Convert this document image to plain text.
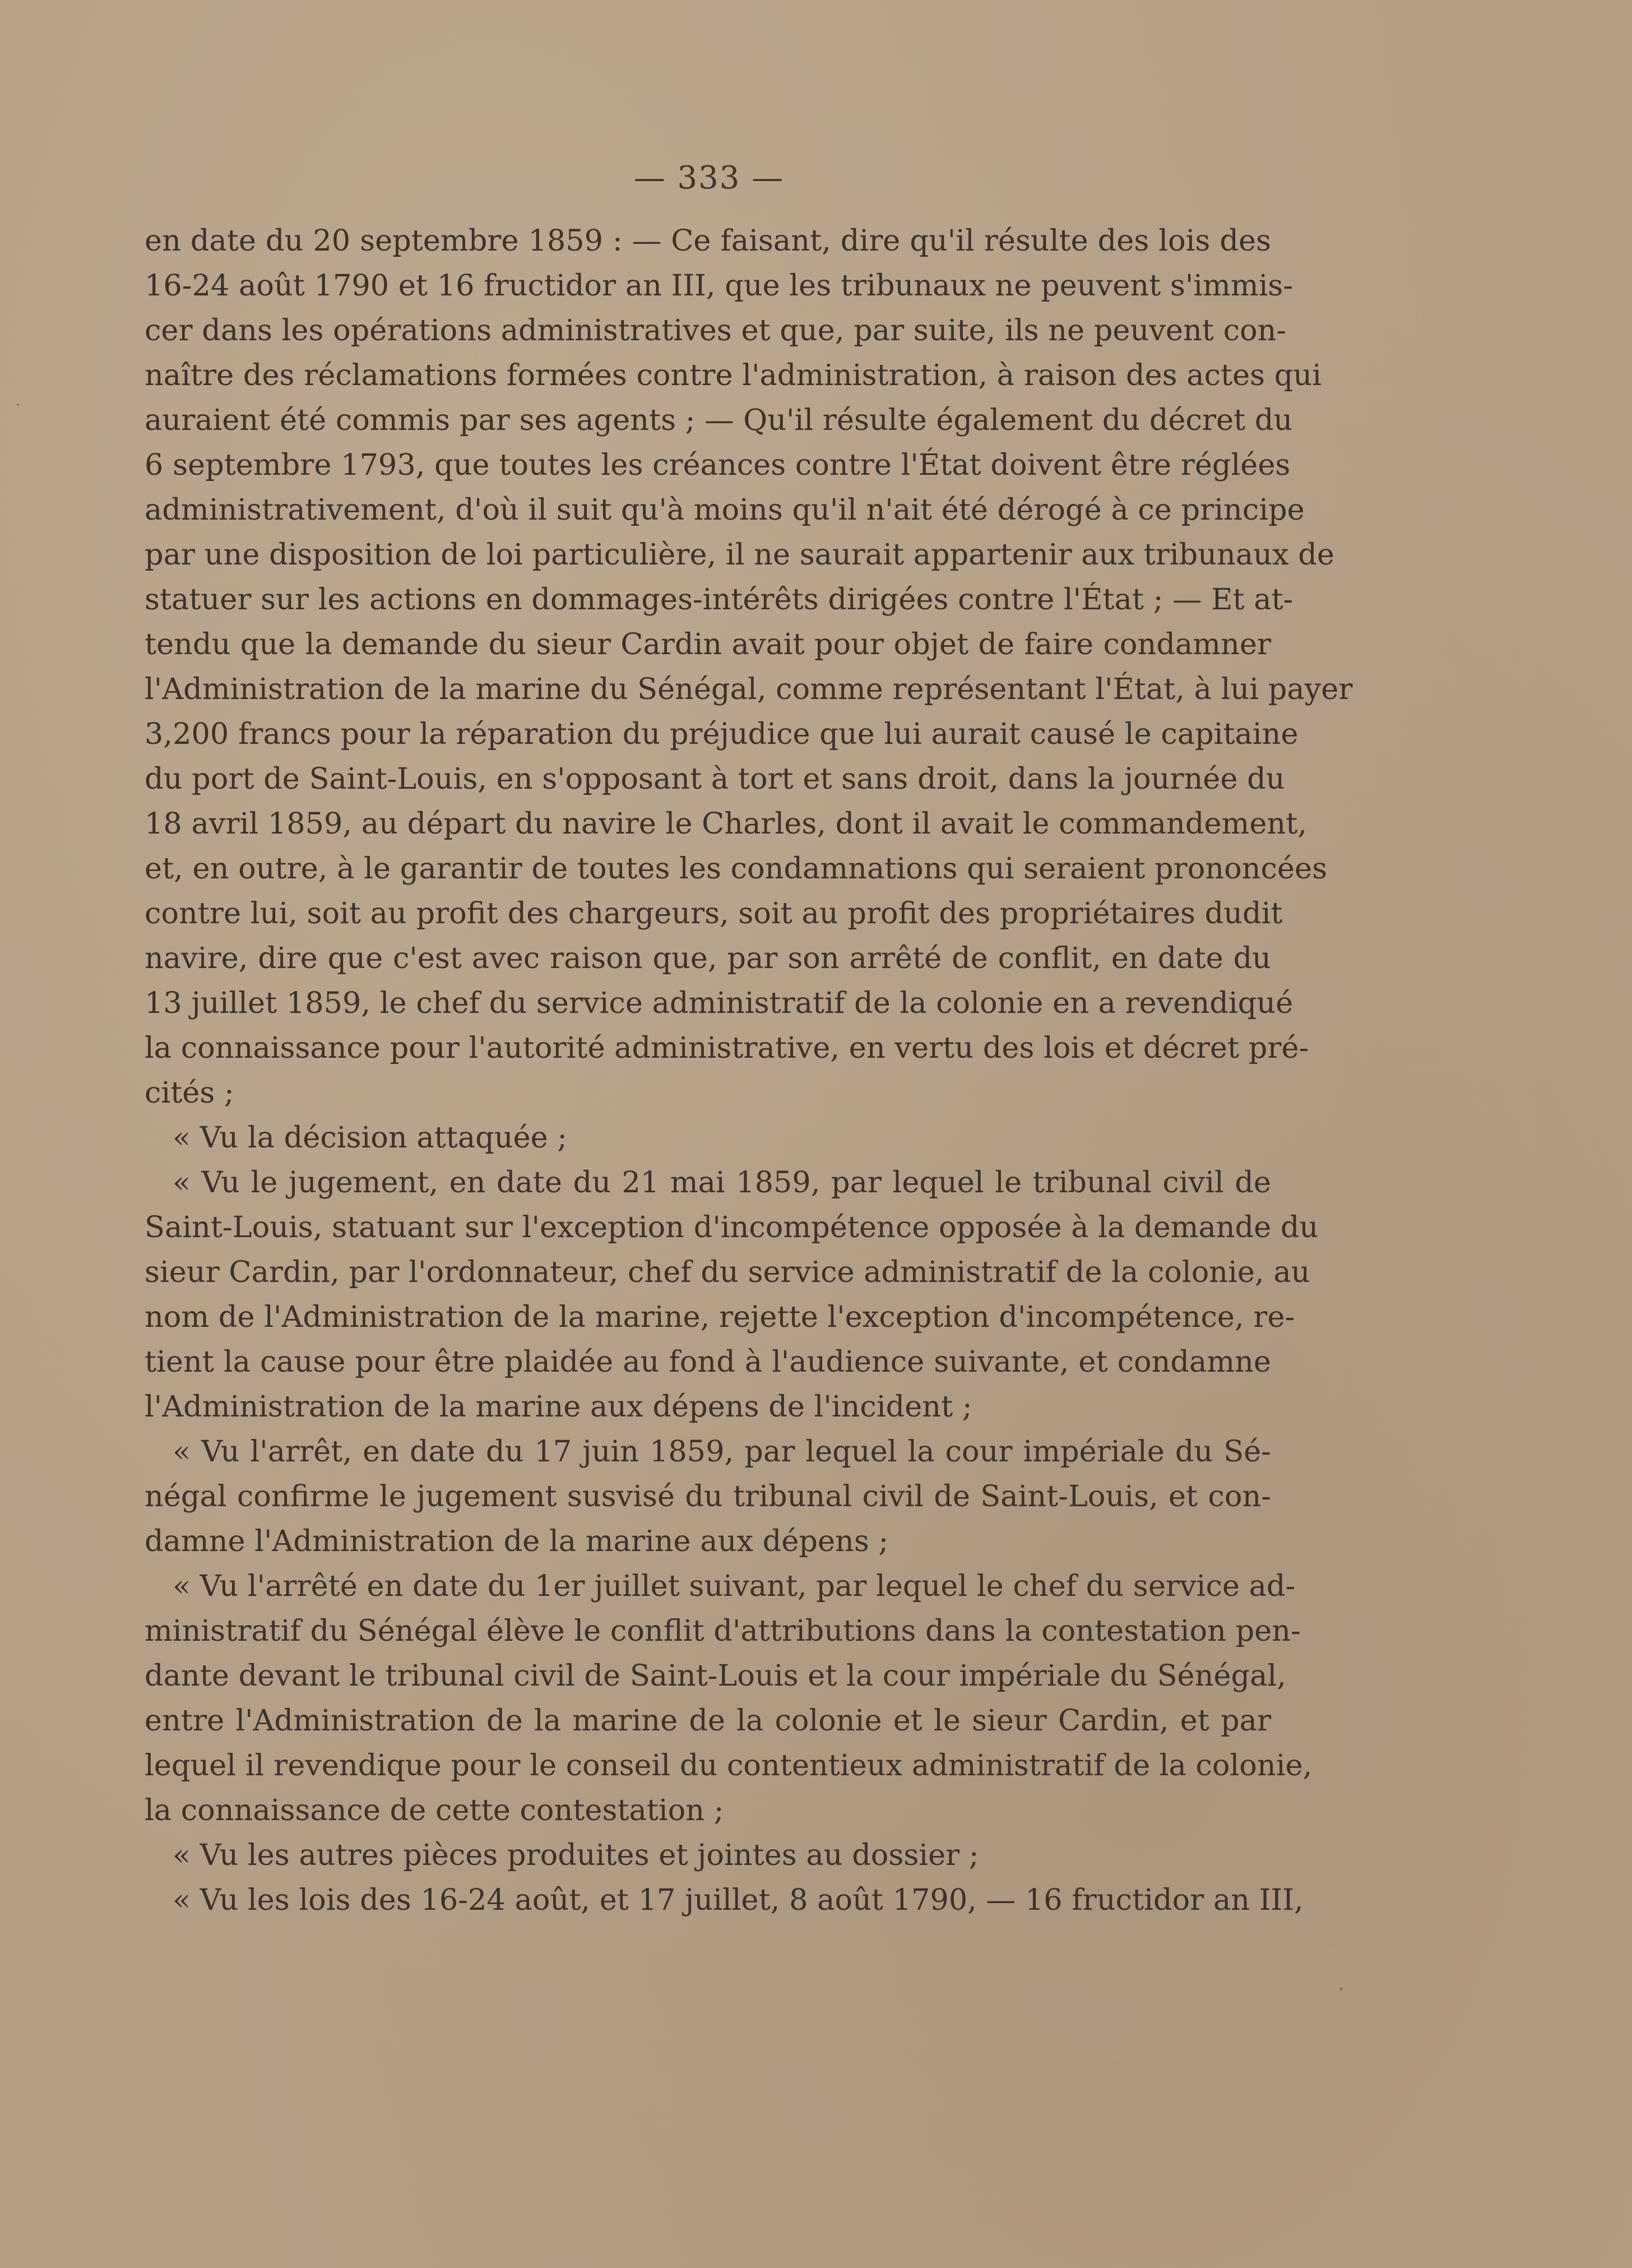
— 333 —
en date du 20 septembre 1859 : — Ce faisant, dire qu'il résulte des lois des
16-24 août 1790 et 16 fructidor an III, que les tribunaux ne peuvent s'immis-
cer dans les opérations administratives et que, par suite, ils ne peuvent con-
naître des réclamations formées contre l'administration, à raison des actes qui
auraient été commis par ses agents ; — Qu'il résulte également du décret du
6 septembre 1793, que toutes les créances contre l'État doivent être réglées
administrativement, d'où il suit qu'à moins qu'il n'ait été dérogé à ce principe
par une disposition de loi particulière, il ne saurait appartenir aux tribunaux de
statuer sur les actions en dommages-intérêts dirigées contre l'État ; — Et at-
tendu que la demande du sieur Cardin avait pour objet de faire condamner
l'Administration de la marine du Sénégal, comme représentant l'État, à lui payer
3,200 francs pour la réparation du préjudice que lui aurait causé le capitaine
du port de Saint-Louis, en s'opposant à tort et sans droit, dans la journée du
18 avril 1859, au départ du navire le Charles, dont il avait le commandement,
et, en outre, à le garantir de toutes les condamnations qui seraient prononcées
contre lui, soit au profit des chargeurs, soit au profit des propriétaires dudit
navire, dire que c'est avec raison que, par son arrêté de conflit, en date du
13 juillet 1859, le chef du service administratif de la colonie en a revendiqué
la connaissance pour l'autorité administrative, en vertu des lois et décret pré-
cités ;
« Vu la décision attaquée ;
« Vu le jugement, en date du 21 mai 1859, par lequel le tribunal civil de
Saint-Louis, statuant sur l'exception d'incompétence opposée à la demande du
sieur Cardin, par l'ordonnateur, chef du service administratif de la colonie, au
nom de l'Administration de la marine, rejette l'exception d'incompétence, re-
tient la cause pour être plaidée au fond à l'audience suivante, et condamne
l'Administration de la marine aux dépens de l'incident ;
« Vu l'arrêt, en date du 17 juin 1859, par lequel la cour impériale du Sé-
négal confirme le jugement susvisé du tribunal civil de Saint-Louis, et con-
damne l'Administration de la marine aux dépens ;
« Vu l'arrêté en date du 1er juillet suivant, par lequel le chef du service ad-
ministratif du Sénégal élève le conflit d'attributions dans la contestation pen-
dante devant le tribunal civil de Saint-Louis et la cour impériale du Sénégal,
entre l'Administration de la marine de la colonie et le sieur Cardin, et par
lequel il revendique pour le conseil du contentieux administratif de la colonie,
la connaissance de cette contestation ;
« Vu les autres pièces produites et jointes au dossier ;
« Vu les lois des 16-24 août, et 17 juillet, 8 août 1790, — 16 fructidor an III,
